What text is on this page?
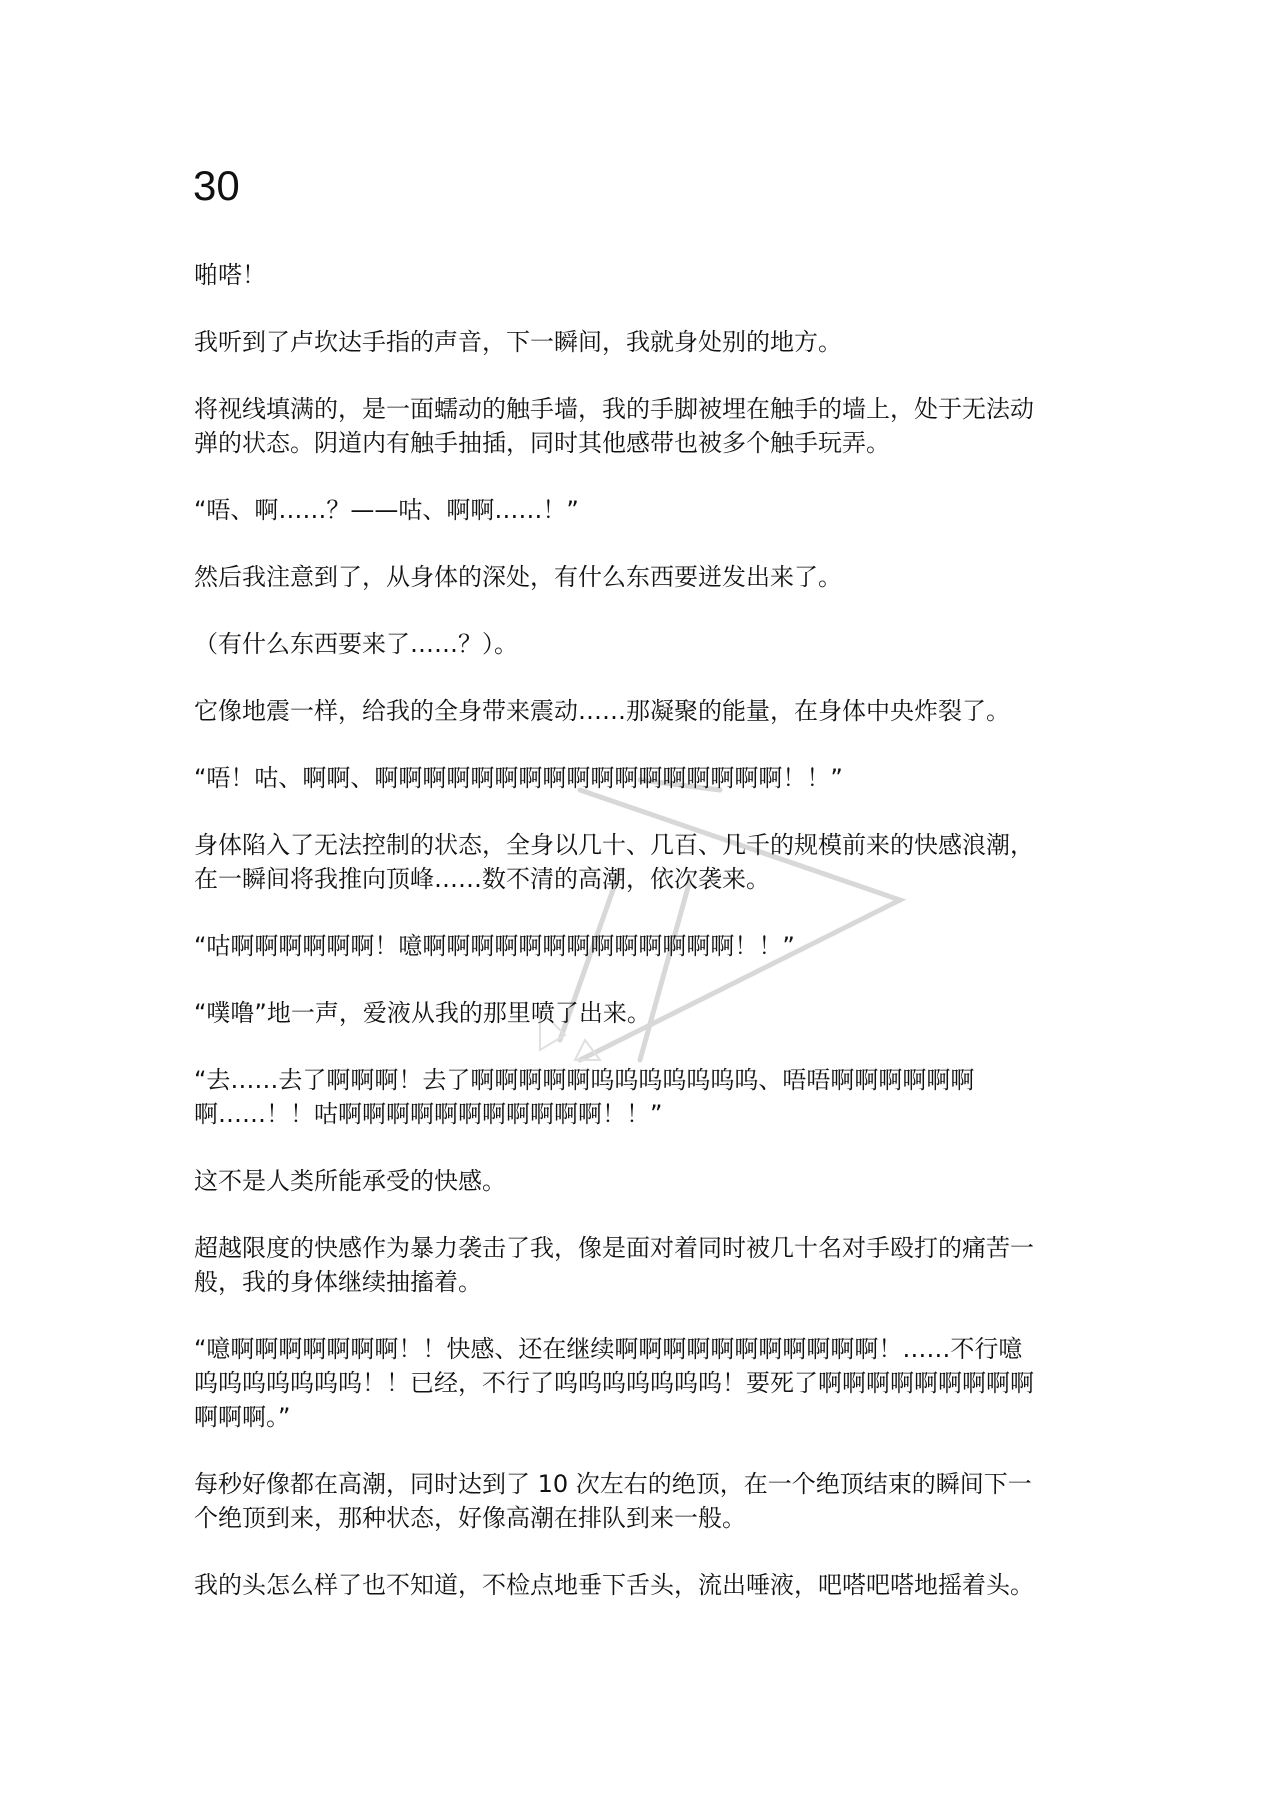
30

啪嗒！

我听到了卢坎达手指的声音，下一瞬间，我就身处别的地方。

将视线填满的，是一面蠕动的触手墙，我的手脚被埋在触手的墙上，处于无法动
弹的状态。阴道内有触手抽插，同时其他感带也被多个触手玩弄。

“唔、啊……？——咕、啊啊……！”

然后我注意到了，从身体的深处，有什么东西要迸发出来了。

（有什么东西要来了……？）。

它像地震一样，给我的全身带来震动……那凝聚的能量，在身体中央炸裂了。

“唔！咕、啊啊、啊啊啊啊啊啊啊啊啊啊啊啊啊啊啊啊啊！！”

身体陷入了无法控制的状态，全身以几十、几百、几千的规模前来的快感浪潮，
在一瞬间将我推向顶峰……数不清的高潮，依次袭来。

“咕啊啊啊啊啊啊！噫啊啊啊啊啊啊啊啊啊啊啊啊啊！！”

“噗噜”地一声，爱液从我的那里喷了出来。

“去……去了啊啊啊！去了啊啊啊啊啊呜呜呜呜呜呜呜、唔唔啊啊啊啊啊啊
啊……！！咕啊啊啊啊啊啊啊啊啊啊啊！！”

这不是人类所能承受的快感。

超越限度的快感作为暴力袭击了我，像是面对着同时被几十名对手殴打的痛苦一
般，我的身体继续抽搐着。

“噫啊啊啊啊啊啊啊！！快感、还在继续啊啊啊啊啊啊啊啊啊啊啊！……不行噫
呜呜呜呜呜呜呜！！已经，不行了呜呜呜呜呜呜呜！要死了啊啊啊啊啊啊啊啊啊
啊啊啊。”

每秒好像都在高潮，同时达到了 10 次左右的绝顶，在一个绝顶结束的瞬间下一
个绝顶到来，那种状态，好像高潮在排队到来一般。

我的头怎么样了也不知道，不检点地垂下舌头，流出唾液，吧嗒吧嗒地摇着头。
